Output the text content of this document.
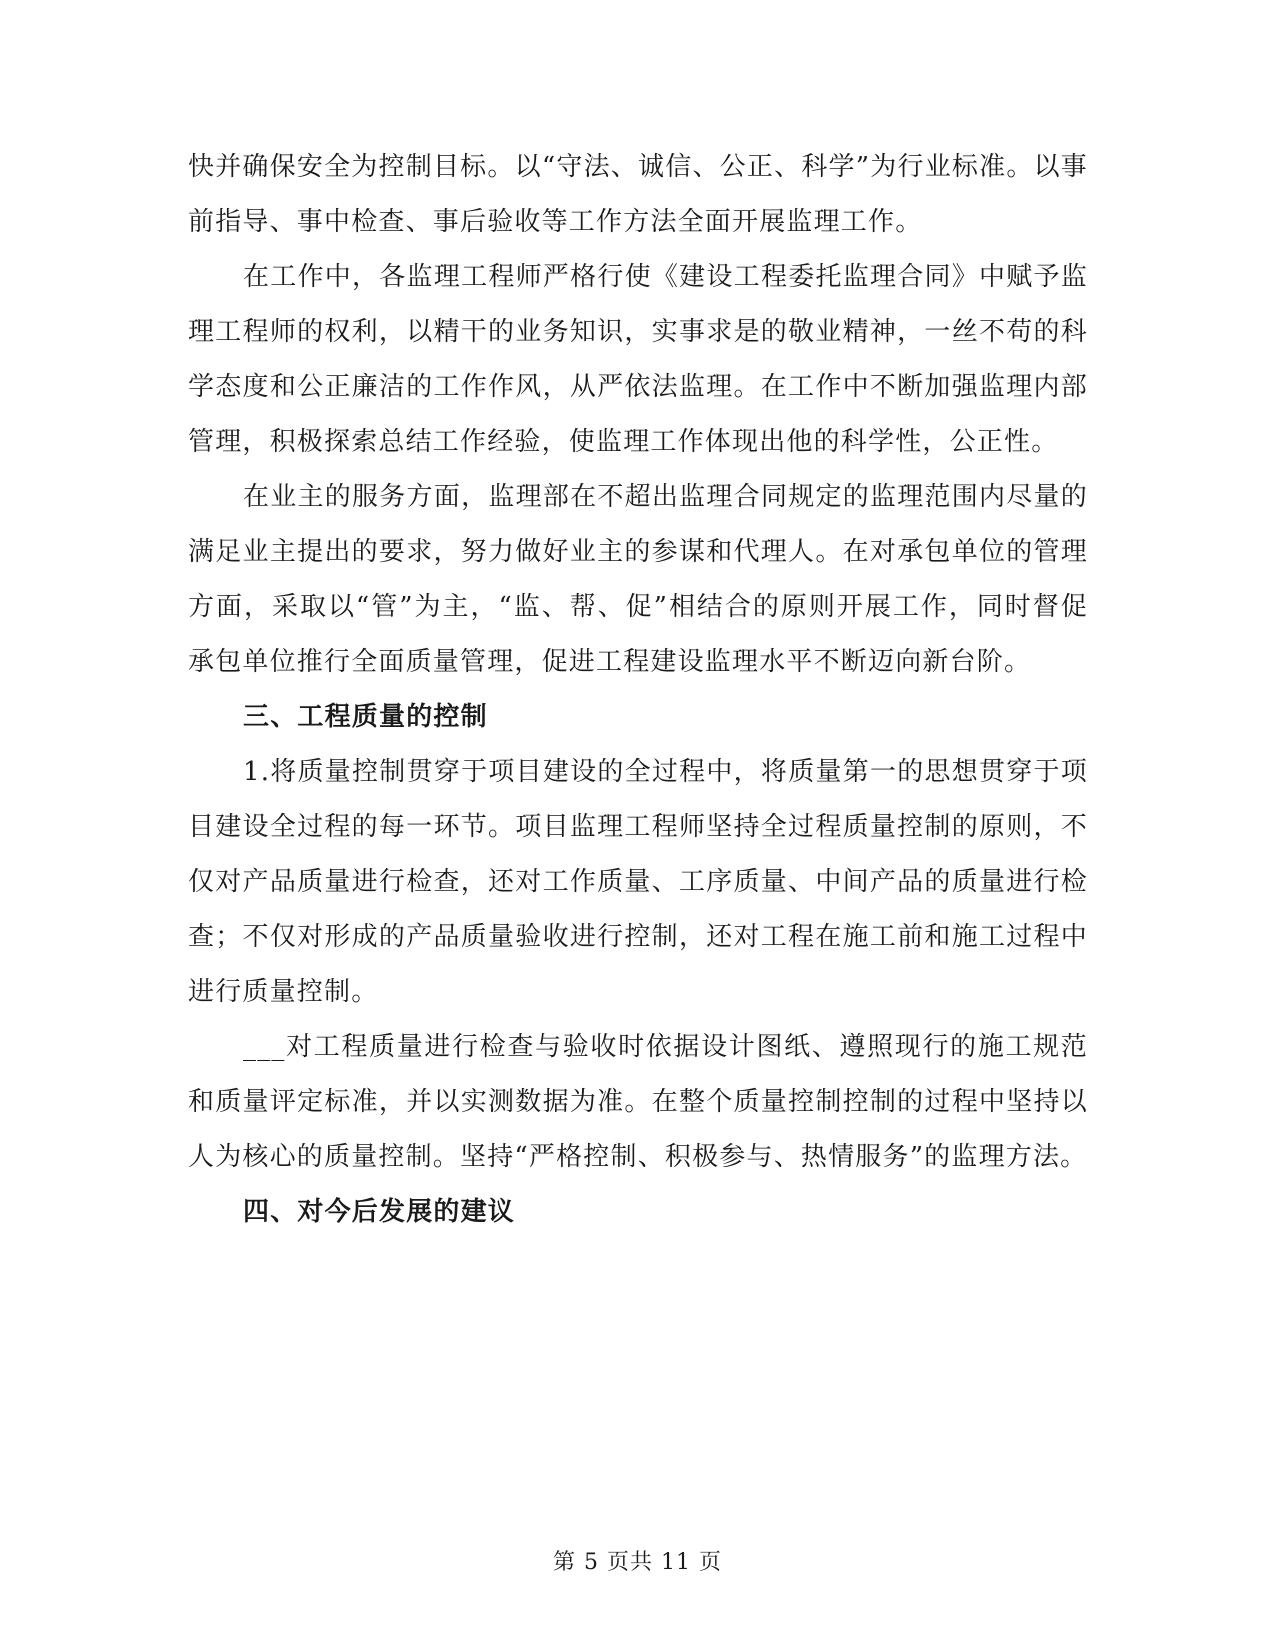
快并确保安全为控制目标。以“守法、诚信、公正、科学”为行业标准。以事前指导、事中检查、事后验收等工作方法全面开展监理工作。

在工作中，各监理工程师严格行使《建设工程委托监理合同》中赋予监理工程师的权利，以精干的业务知识，实事求是的敬业精神，一丝不苟的科学态度和公正廉洁的工作作风，从严依法监理。在工作中不断加强监理内部管理，积极探索总结工作经验，使监理工作体现出他的科学性，公正性。

在业主的服务方面，监理部在不超出监理合同规定的监理范围内尽量的满足业主提出的要求，努力做好业主的参谋和代理人。在对承包单位的管理方面，采取以“管”为主，“监、帮、促”相结合的原则开展工作，同时督促承包单位推行全面质量管理，促进工程建设监理水平不断迈向新台阶。

三、工程质量的控制

1.将质量控制贯穿于项目建设的全过程中，将质量第一的思想贯穿于项目建设全过程的每一环节。项目监理工程师坚持全过程质量控制的原则，不仅对产品质量进行检查，还对工作质量、工序质量、中间产品的质量进行检查；不仅对形成的产品质量验收进行控制，还对工程在施工前和施工过程中进行质量控制。

___对工程质量进行检查与验收时依据设计图纸、遵照现行的施工规范和质量评定标准，并以实测数据为准。在整个质量控制控制的过程中坚持以人为核心的质量控制。坚持“严格控制、积极参与、热情服务”的监理方法。

四、对今后发展的建议

第 5 页共 11 页
